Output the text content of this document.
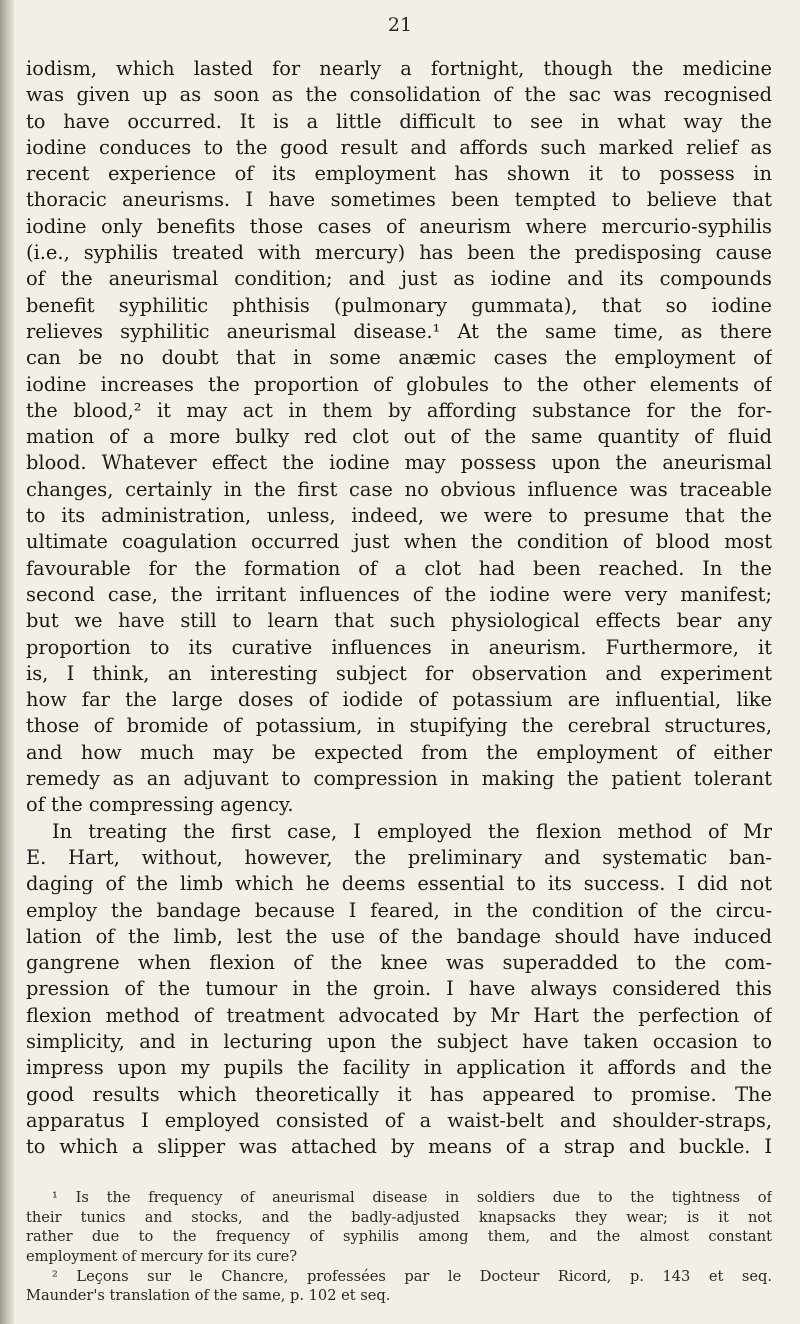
21
iodism, which lasted for nearly a fortnight, though the medicine
was given up as soon as the consolidation of the sac was recognised
to have occurred. It is a little difficult to see in what way the
iodine conduces to the good result and affords such marked relief as
recent experience of its employment has shown it to possess in
thoracic aneurisms. I have sometimes been tempted to believe that
iodine only benefits those cases of aneurism where mercurio-syphilis
(i.e., syphilis treated with mercury) has been the predisposing cause
of the aneurismal condition; and just as iodine and its compounds
benefit syphilitic phthisis (pulmonary gummata), that so iodine
relieves syphilitic aneurismal disease.¹ At the same time, as there
can be no doubt that in some anæmic cases the employment of
iodine increases the proportion of globules to the other elements of
the blood,² it may act in them by affording substance for the for-
mation of a more bulky red clot out of the same quantity of fluid
blood. Whatever effect the iodine may possess upon the aneurismal
changes, certainly in the first case no obvious influence was traceable
to its administration, unless, indeed, we were to presume that the
ultimate coagulation occurred just when the condition of blood most
favourable for the formation of a clot had been reached. In the
second case, the irritant influences of the iodine were very manifest;
but we have still to learn that such physiological effects bear any
proportion to its curative influences in aneurism. Furthermore, it
is, I think, an interesting subject for observation and experiment
how far the large doses of iodide of potassium are influential, like
those of bromide of potassium, in stupifying the cerebral structures,
and how much may be expected from the employment of either
remedy as an adjuvant to compression in making the patient tolerant
of the compressing agency.
In treating the first case, I employed the flexion method of Mr
E. Hart, without, however, the preliminary and systematic ban-
daging of the limb which he deems essential to its success. I did not
employ the bandage because I feared, in the condition of the circu-
lation of the limb, lest the use of the bandage should have induced
gangrene when flexion of the knee was superadded to the com-
pression of the tumour in the groin. I have always considered this
flexion method of treatment advocated by Mr Hart the perfection of
simplicity, and in lecturing upon the subject have taken occasion to
impress upon my pupils the facility in application it affords and the
good results which theoretically it has appeared to promise. The
apparatus I employed consisted of a waist-belt and shoulder-straps,
to which a slipper was attached by means of a strap and buckle. I
¹ Is the frequency of aneurismal disease in soldiers due to the tightness of
their tunics and stocks, and the badly-adjusted knapsacks they wear; is it not
rather due to the frequency of syphilis among them, and the almost constant
employment of mercury for its cure?
² Leçons sur le Chancre, professées par le Docteur Ricord, p. 143 et seq.
Maunder's translation of the same, p. 102 et seq.
